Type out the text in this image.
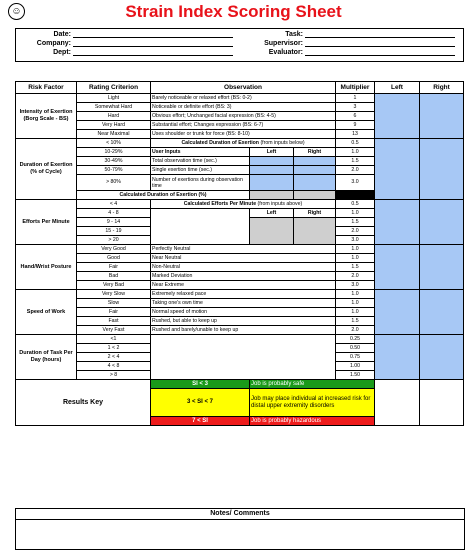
☺	Strain Index Scoring Sheet
Date:
Company:
Dept:
Task:
Supervisor:
Evaluator:
Risk Factor	Rating Criterion	Observation			Multiplier	Left	Right
Intensity of Exertion (Borg Scale - BS)	Light	Barely noticeable or relaxed effort (BS: 0-2)			1		
	Somewhat Hard	Noticeable or definite effort (BS: 3)			3		
	Hard	Obvious effort; Unchanged facial expression (BS: 4-5)			6		
	Very Hard	Substantial effort; Changes expression (BS: 6-7)			9		
	Near Maximal	Uses shoulder or trunk for force (BS: 8-10)			13		
Duration of Exertion (% of Cycle)	< 10%	Calculated Duration of Exertion (from inputs below)			0.5		
	10-29%	User Inputs	Left	Right	1.0		
	30-49%	Total observation time (sec.)			1.5		
	50-79%	Single exertion time (sec.)			2.0		
	> 80%	Number of exertions during observation time			3.0		
	Calculated Duration of Exertion (%)						
Efforts Per Minute	< 4	Calculated Efforts Per Minute (from inputs above)			0.5		
	4 - 8		Left	Right	1.0		
	9 - 14				1.5		
	15 - 19				2.0		
	> 20				3.0		
Hand/Wrist Posture	Very Good	Perfectly Neutral			1.0		
	Good	Near Neutral			1.0		
	Fair	Non-Neutral			1.5		
	Bad	Marked Deviation			2.0		
	Very Bad	Near Extreme			3.0		
Speed of Work	Very Slow	Extremely relaxed pace			1.0		
	Slow	Taking one's own time			1.0		
	Fair	Normal speed of motion			1.0		
	Fast	Rushed, but able to keep up			1.5		
	Very Fast	Rushed and barely/unable to keep up			2.0		
Duration of Task Per Day (hours)	<1				0.25		
	1 < 2				0.50		
	2 < 4				0.75		
	4 < 8				1.00		
	> 8				1.50		
Results Key		SI < 3	Job is probably safe				
		3 < SI < 7	Job may place individual at increased risk for distal upper extremity disorders				
		7 < SI	Job is probably hazardous				
Notes/ Comments
